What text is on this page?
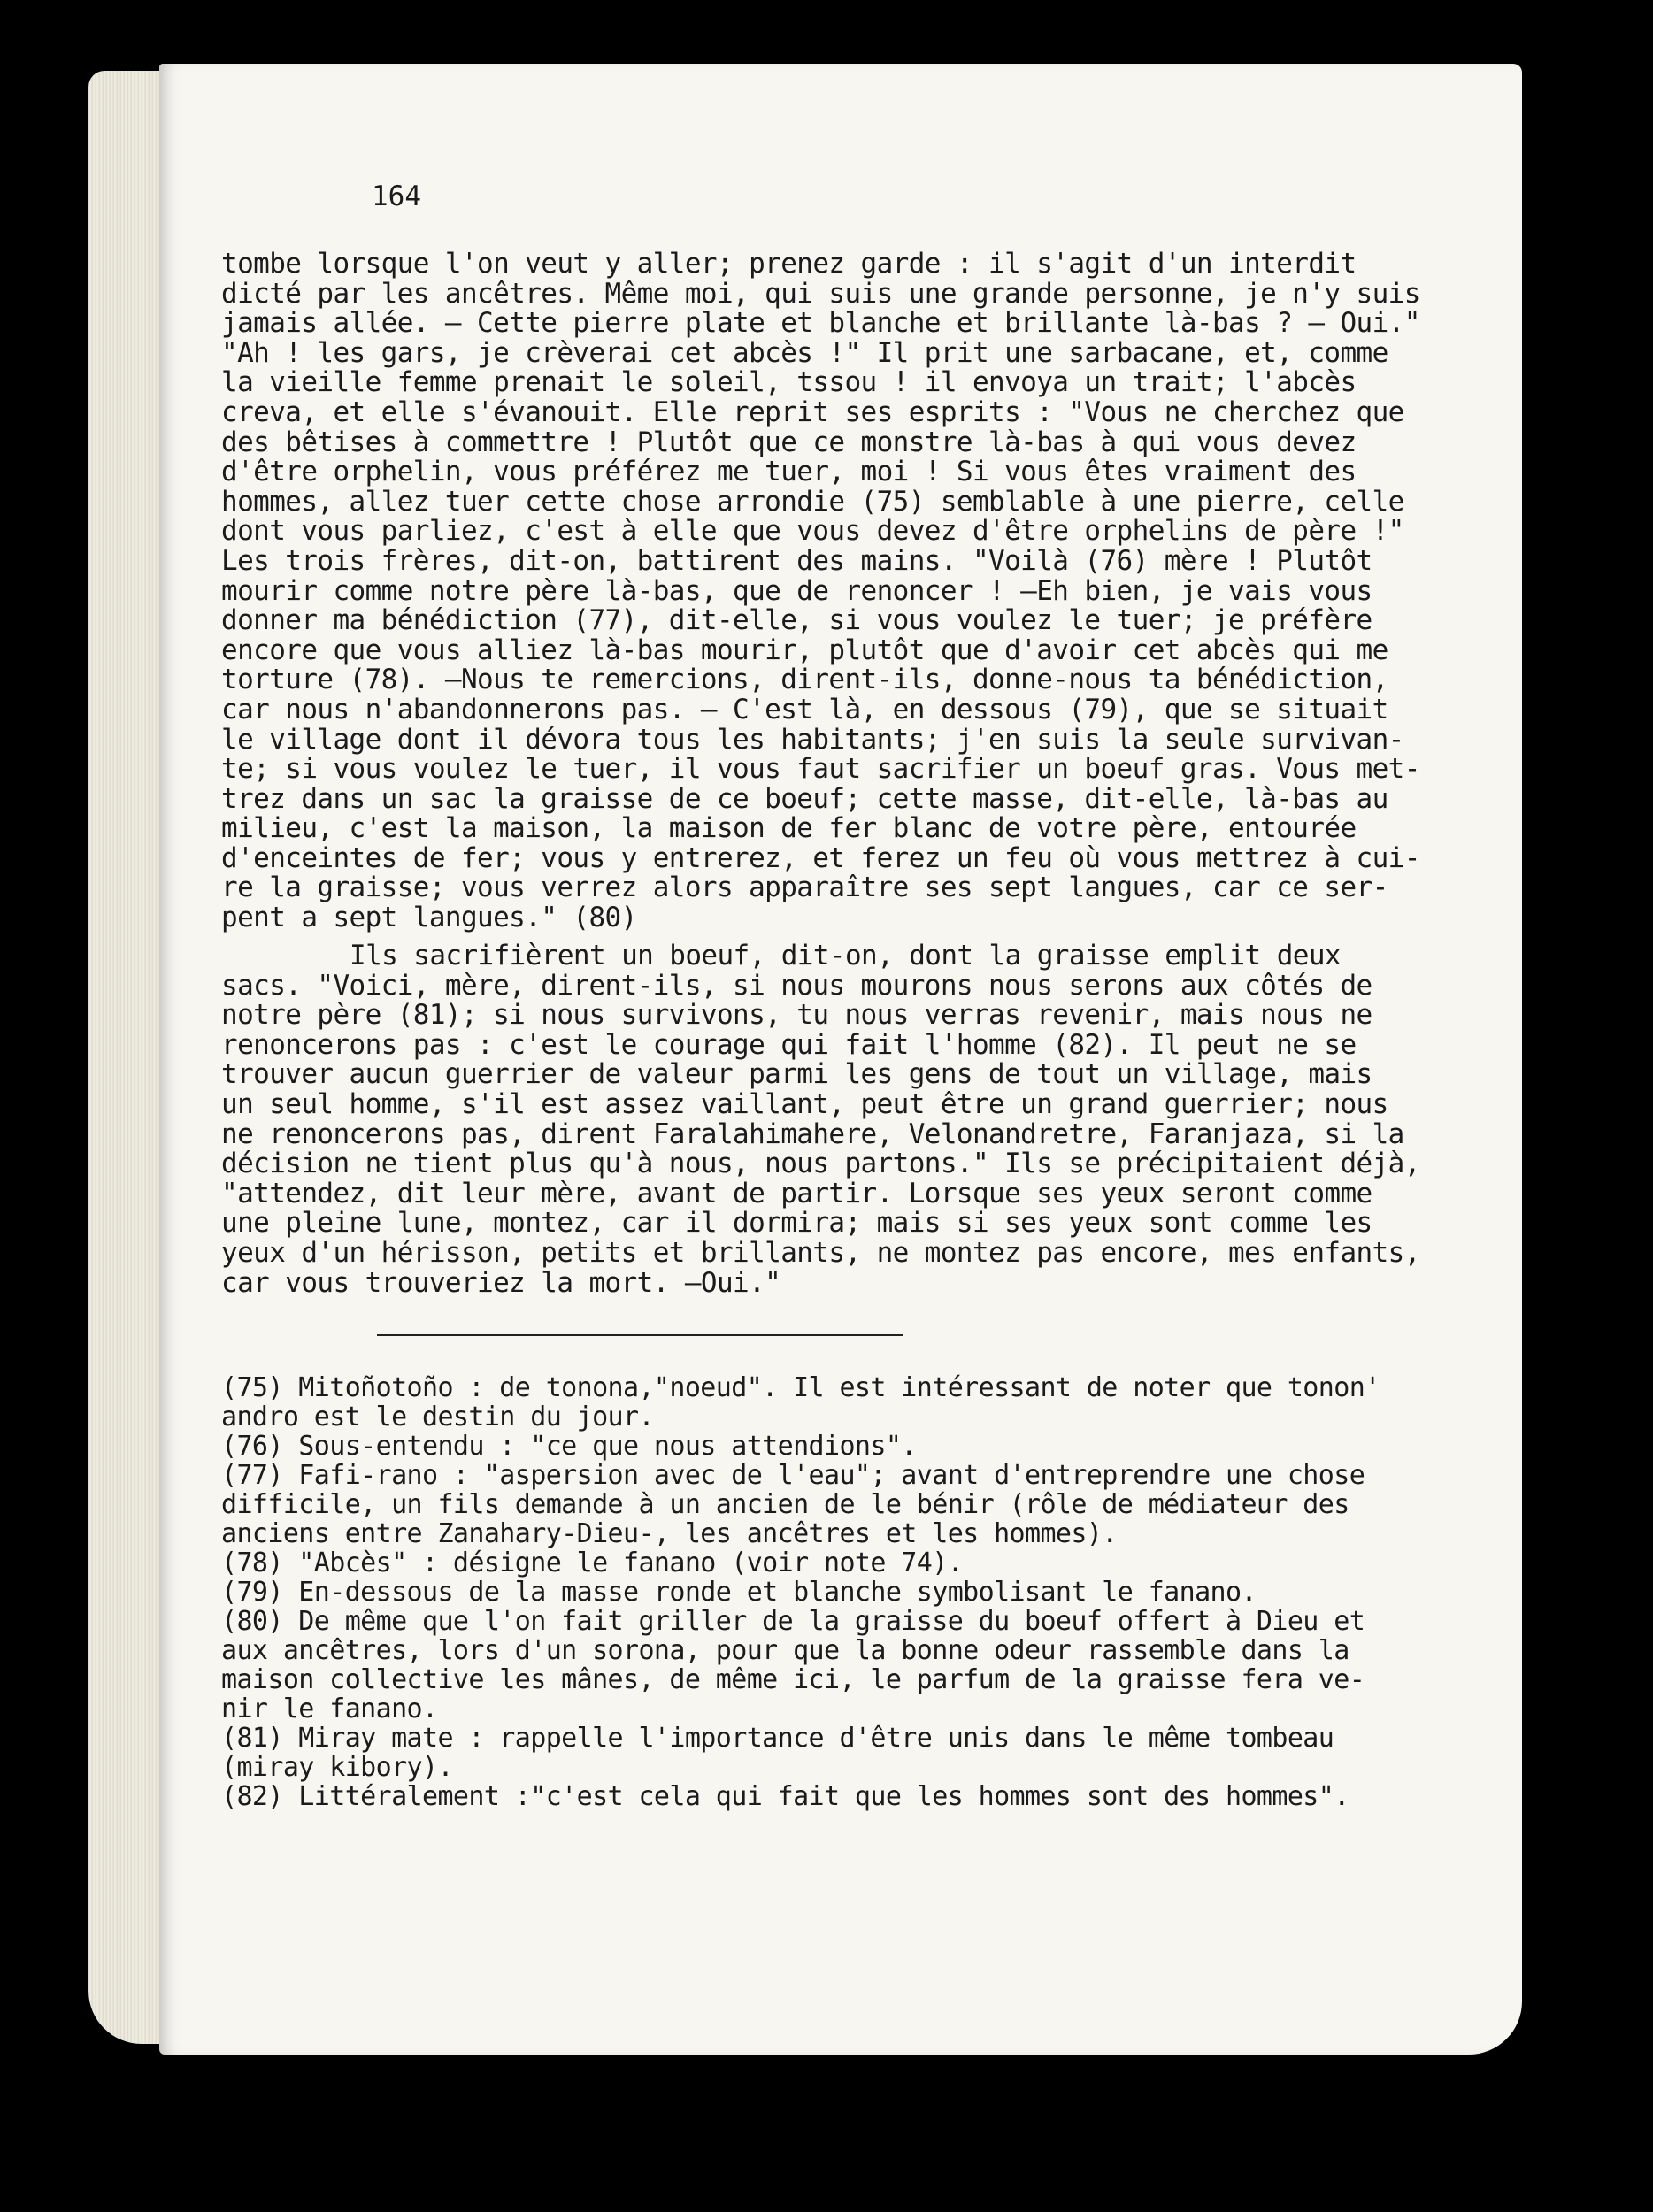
164
tombe lorsque l'on veut y aller; prenez garde : il s'agit d'un interdit
dicté par les ancêtres. Même moi, qui suis une grande personne, je n'y suis
jamais allée. – Cette pierre plate et blanche et brillante là-bas ? – Oui."
"Ah ! les gars, je crèverai cet abcès !" Il prit une sarbacane, et, comme
la vieille femme prenait le soleil, tssou ! il envoya un trait; l'abcès
creva, et elle s'évanouit. Elle reprit ses esprits : "Vous ne cherchez que
des bêtises à commettre ! Plutôt que ce monstre là-bas à qui vous devez
d'être orphelin, vous préférez me tuer, moi ! Si vous êtes vraiment des
hommes, allez tuer cette chose arrondie (75) semblable à une pierre, celle
dont vous parliez, c'est à elle que vous devez d'être orphelins de père !"
Les trois frères, dit-on, battirent des mains. "Voilà (76) mère ! Plutôt
mourir comme notre père là-bas, que de renoncer ! –Eh bien, je vais vous
donner ma bénédiction (77), dit-elle, si vous voulez le tuer; je préfère
encore que vous alliez là-bas mourir, plutôt que d'avoir cet abcès qui me
torture (78). –Nous te remercions, dirent-ils, donne-nous ta bénédiction,
car nous n'abandonnerons pas. – C'est là, en dessous (79), que se situait
le village dont il dévora tous les habitants; j'en suis la seule survivan-
te; si vous voulez le tuer, il vous faut sacrifier un boeuf gras. Vous met-
trez dans un sac la graisse de ce boeuf; cette masse, dit-elle, là-bas au
milieu, c'est la maison, la maison de fer blanc de votre père, entourée
d'enceintes de fer; vous y entrerez, et ferez un feu où vous mettrez à cui-
re la graisse; vous verrez alors apparaître ses sept langues, car ce ser-
pent a sept langues." (80)
Ils sacrifièrent un boeuf, dit-on, dont la graisse emplit deux
sacs. "Voici, mère, dirent-ils, si nous mourons nous serons aux côtés de
notre père (81); si nous survivons, tu nous verras revenir, mais nous ne
renoncerons pas : c'est le courage qui fait l'homme (82). Il peut ne se
trouver aucun guerrier de valeur parmi les gens de tout un village, mais
un seul homme, s'il est assez vaillant, peut être un grand guerrier; nous
ne renoncerons pas, dirent Faralahimahere, Velonandretre, Faranjaza, si la
décision ne tient plus qu'à nous, nous partons." Ils se précipitaient déjà,
"attendez, dit leur mère, avant de partir. Lorsque ses yeux seront comme
une pleine lune, montez, car il dormira; mais si ses yeux sont comme les
yeux d'un hérisson, petits et brillants, ne montez pas encore, mes enfants,
car vous trouveriez la mort. –Oui."
(75) Mitoñotoño : de tonona,"noeud". Il est intéressant de noter que tonon'
andro est le destin du jour.
(76) Sous-entendu : "ce que nous attendions".
(77) Fafi-rano : "aspersion avec de l'eau"; avant d'entreprendre une chose
difficile, un fils demande à un ancien de le bénir (rôle de médiateur des
anciens entre Zanahary-Dieu-, les ancêtres et les hommes).
(78) "Abcès" : désigne le fanano (voir note 74).
(79) En-dessous de la masse ronde et blanche symbolisant le fanano.
(80) De même que l'on fait griller de la graisse du boeuf offert à Dieu et
aux ancêtres, lors d'un sorona, pour que la bonne odeur rassemble dans la
maison collective les mânes, de même ici, le parfum de la graisse fera ve-
nir le fanano.
(81) Miray mate : rappelle l'importance d'être unis dans le même tombeau
(miray kibory).
(82) Littéralement :"c'est cela qui fait que les hommes sont des hommes".
